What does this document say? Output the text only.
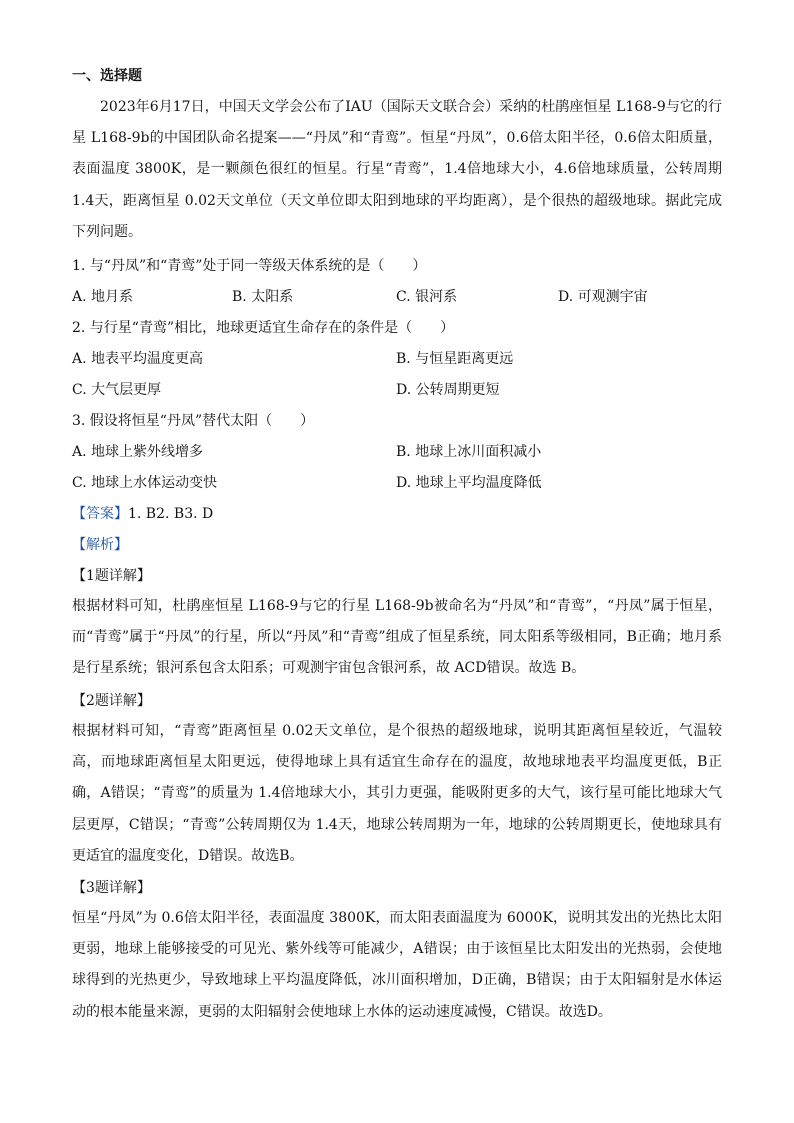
一、选择题
2023年6月17日，中国天文学会公布了IAU（国际天文联合会）采纳的杜鹃座恒星 L168-9与它的行星 L168-9b的中国团队命名提案——“丹凤”和“青鸾”。恒星“丹凤”，0.6倍太阳半径，0.6倍太阳质量，表面温度 3800K，是一颗颜色很红的恒星。行星“青鸾”，1.4倍地球大小，4.6倍地球质量，公转周期 1.4天，距离恒星 0.02天文单位（天文单位即太阳到地球的平均距离），是个很热的超级地球。据此完成下列问题。
1. 与“丹凤”和“青鸾”处于同一等级天体系统的是（　　）
A. 地月系	B. 太阳系	C. 银河系	D. 可观测宇宙
2. 与行星“青鸾”相比，地球更适宜生命存在的条件是（　　）
A. 地表平均温度更高	B. 与恒星距离更远
C. 大气层更厚	D. 公转周期更短
3. 假设将恒星“丹凤”替代太阳（　　）
A. 地球上紫外线增多	B. 地球上冰川面积减小
C. 地球上水体运动变快	D. 地球上平均温度降低
【答案】1. B2. B3. D
【解析】
【1题详解】
根据材料可知，杜鹃座恒星 L168-9与它的行星 L168-9b被命名为“丹凤”和“青鸾”，“丹凤”属于恒星，而“青鸾”属于“丹凤”的行星，所以“丹凤”和“青鸾”组成了恒星系统，同太阳系等级相同，B正确；地月系是行星系统；银河系包含太阳系；可观测宇宙包含银河系，故 ACD错误。故选 B。
【2题详解】
根据材料可知，“青鸾”距离恒星 0.02天文单位，是个很热的超级地球，说明其距离恒星较近，气温较高，而地球距离恒星太阳更远，使得地球上具有适宜生命存在的温度，故地球地表平均温度更低，B正确，A错误；“青鸾”的质量为 1.4倍地球大小，其引力更强，能吸附更多的大气，该行星可能比地球大气层更厚，C错误；“青鸾”公转周期仅为 1.4天，地球公转周期为一年，地球的公转周期更长，使地球具有更适宜的温度变化，D错误。故选B。
【3题详解】
恒星“丹凤”为 0.6倍太阳半径，表面温度 3800K，而太阳表面温度为 6000K，说明其发出的光热比太阳更弱，地球上能够接受的可见光、紫外线等可能减少，A错误；由于该恒星比太阳发出的光热弱，会使地球得到的光热更少，导致地球上平均温度降低，冰川面积增加，D正确，B错误；由于太阳辐射是水体运动的根本能量来源，更弱的太阳辐射会使地球上水体的运动速度减慢，C错误。故选D。
